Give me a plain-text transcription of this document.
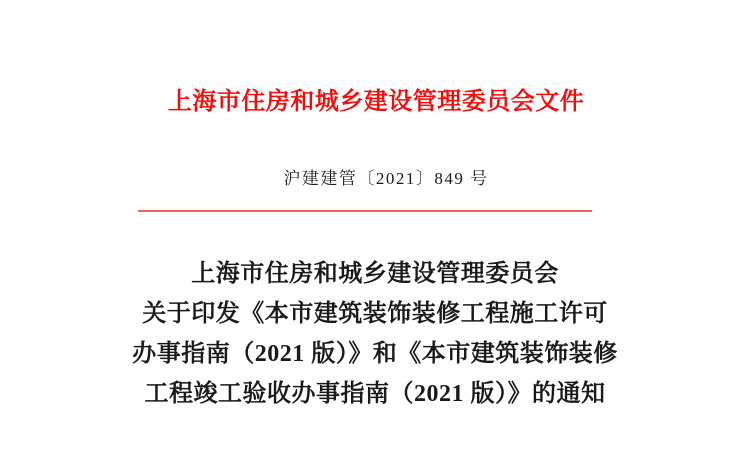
上海市住房和城乡建设管理委员会文件
沪建建管〔2021〕849 号
上海市住房和城乡建设管理委员会
关于印发《本市建筑装饰装修工程施工许可
办事指南（2021 版）》和《本市建筑装饰装修
工程竣工验收办事指南（2021 版）》的通知
